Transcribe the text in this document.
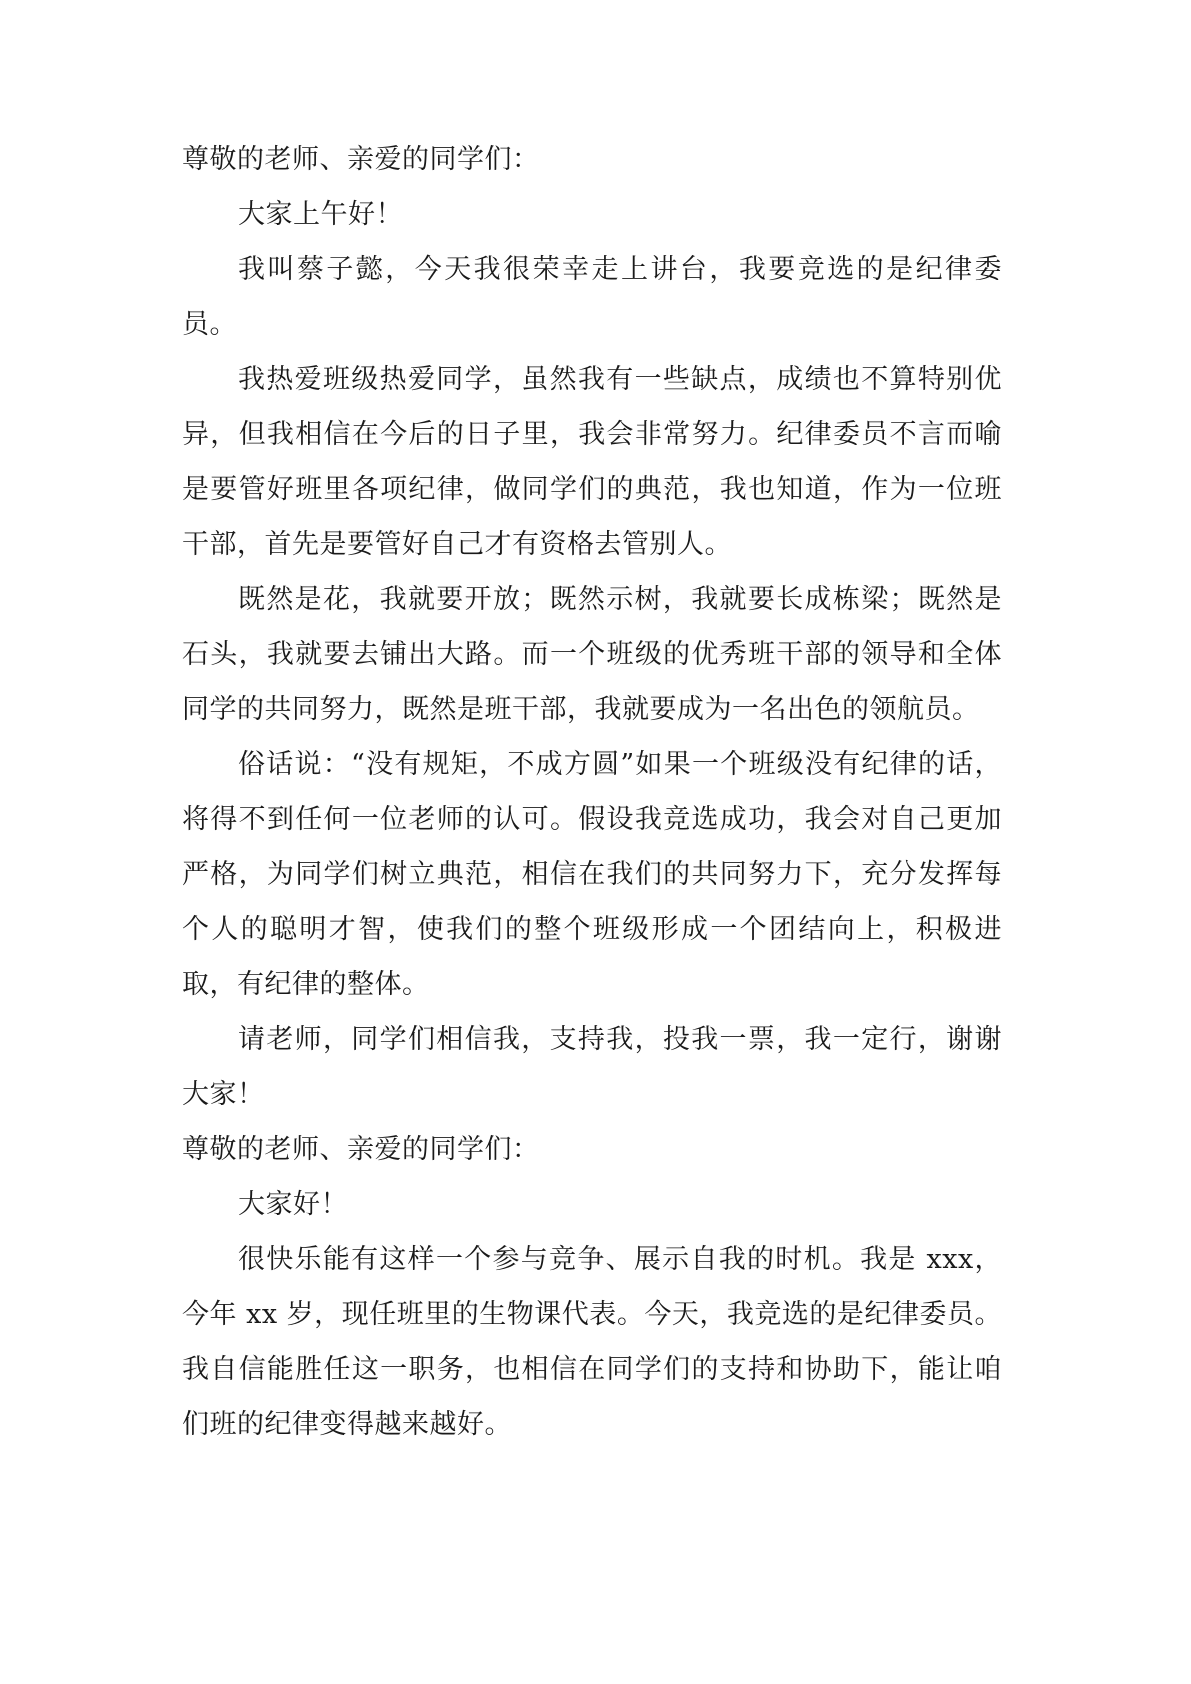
尊敬的老师、亲爱的同学们：

大家上午好！

我叫蔡子懿，今天我很荣幸走上讲台，我要竞选的是纪律委员。

我热爱班级热爱同学，虽然我有一些缺点，成绩也不算特别优异，但我相信在今后的日子里，我会非常努力。纪律委员不言而喻是要管好班里各项纪律，做同学们的典范，我也知道，作为一位班干部，首先是要管好自己才有资格去管别人。

既然是花，我就要开放；既然示树，我就要长成栋梁；既然是石头，我就要去铺出大路。而一个班级的优秀班干部的领导和全体同学的共同努力，既然是班干部，我就要成为一名出色的领航员。

俗话说：“没有规矩，不成方圆”如果一个班级没有纪律的话，将得不到任何一位老师的认可。假设我竞选成功，我会对自己更加严格，为同学们树立典范，相信在我们的共同努力下，充分发挥每个人的聪明才智，使我们的整个班级形成一个团结向上，积极进取，有纪律的整体。

请老师，同学们相信我，支持我，投我一票，我一定行，谢谢大家！

尊敬的老师、亲爱的同学们：

大家好！

很快乐能有这样一个参与竞争、展示自我的时机。我是 xxx，今年 xx 岁，现任班里的生物课代表。今天，我竞选的是纪律委员。我自信能胜任这一职务，也相信在同学们的支持和协助下，能让咱们班的纪律变得越来越好。
